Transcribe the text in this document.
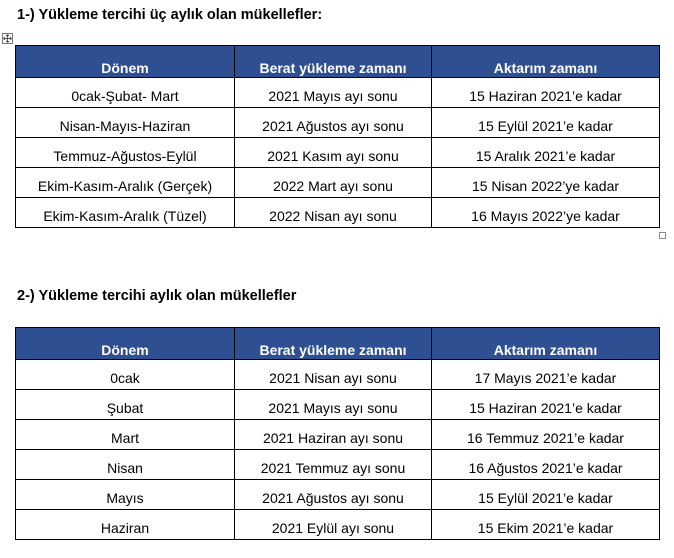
1-) Yükleme tercihi üç aylık olan mükellefler:
Dönem	Berat yükleme zamanı	Aktarım zamanı
0cak-Şubat- Mart	2021 Mayıs ayı sonu	15 Haziran 2021’e kadar
Nisan-Mayıs-Haziran	2021 Ağustos ayı sonu	15 Eylül 2021’e kadar
Temmuz-Ağustos-Eylül	2021 Kasım ayı sonu	15 Aralık 2021’e kadar
Ekim-Kasım-Aralık (Gerçek)	2022 Mart ayı sonu	15 Nisan 2022’ye kadar
Ekim-Kasım-Aralık (Tüzel)	2022 Nisan ayı sonu	16 Mayıs 2022’ye kadar
2-) Yükleme tercihi aylık olan mükellefler
Dönem	Berat yükleme zamanı	Aktarım zamanı
0cak	2021 Nisan ayı sonu	17 Mayıs 2021’e kadar
Şubat	2021 Mayıs ayı sonu	15 Haziran 2021’e kadar
Mart	2021 Haziran ayı sonu	16 Temmuz 2021’e kadar
Nisan	2021 Temmuz ayı sonu	16 Ağustos 2021’e kadar
Mayıs	2021 Ağustos ayı sonu	15 Eylül 2021’e kadar
Haziran	2021 Eylül ayı sonu	15 Ekim 2021’e kadar
